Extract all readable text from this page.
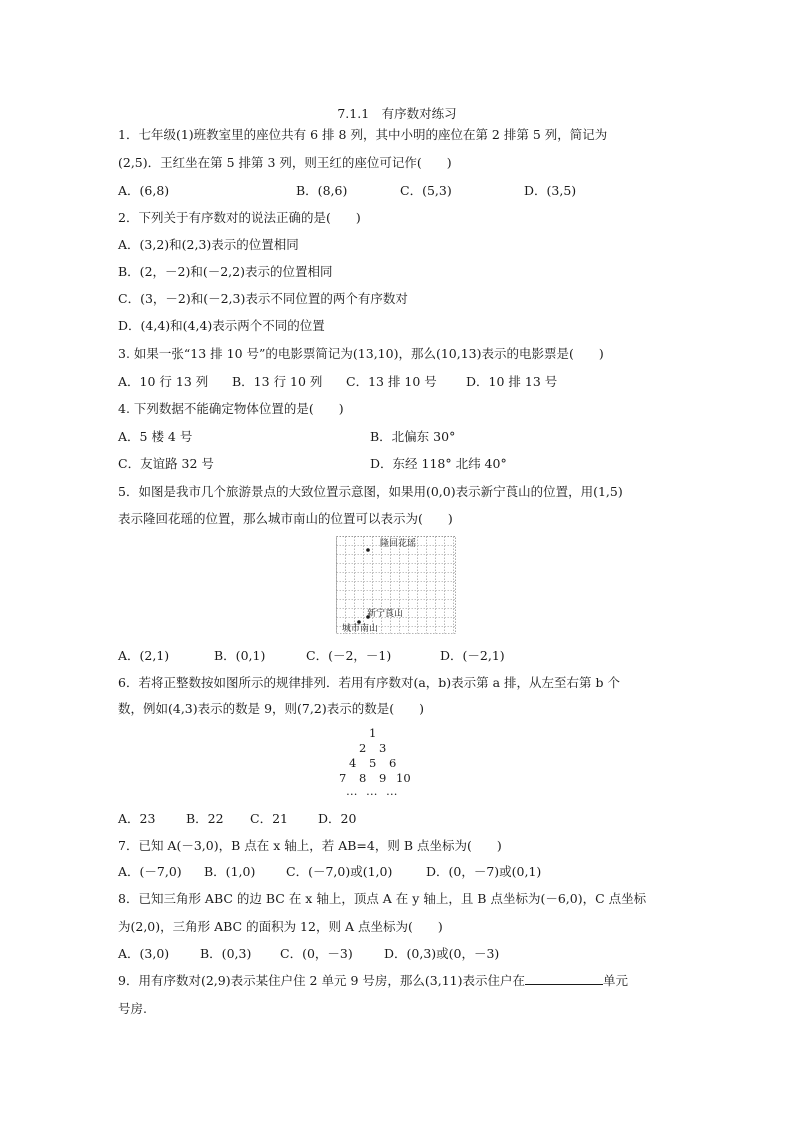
7.1.1　有序数对练习
1．七年级(1)班教室里的座位共有 6 排 8 列，其中小明的座位在第 2 排第 5 列，简记为
(2,5)．王红坐在第 5 排第 3 列，则王红的座位可记作(　　)
A．(6,8)	B．(8,6)	C．(5,3)	D．(3,5)
2．下列关于有序数对的说法正确的是(　　)
A．(3,2)和(2,3)表示的位置相同
B．(2，－2)和(－2,2)表示的位置相同
C．(3，－2)和(－2,3)表示不同位置的两个有序数对
D．(4,4)和(4,4)表示两个不同的位置
3. 如果一张“13 排 10 号”的电影票简记为(13,10)，那么(10,13)表示的电影票是(　　)
A．10 行 13 列 B．13 行 10 列 C．13 排 10 号 D．10 排 13 号
4. 下列数据不能确定物体位置的是(　　)
A．5 楼 4 号	B．北偏东 30°
C．友谊路 32 号	D．东经 118° 北纬 40°
5．如图是我市几个旅游景点的大致位置示意图，如果用(0,0)表示新宁莨山的位置，用(1,5)
表示隆回花瑶的位置，那么城市南山的位置可以表示为(　　)
隆回花瑶
新宁莨山
城市南山
A．(2,1)	B．(0,1)	C．(－2，－1)	D．(－2,1)
6．若将正整数按如图所示的规律排列．若用有序数对(a，b)表示第 a 排，从左至右第 b 个
数，例如(4,3)表示的数是 9，则(7,2)表示的数是(　　)
1
2 3
4 5 6
7 8 9 10
… … …
A．23 B．22 C．21 D．20
7．已知 A(－3,0)，B 点在 x 轴上，若 AB=4，则 B 点坐标为(　　)
A．(－7,0) B．(1,0) C．(－7,0)或(1,0)	D．(0，－7)或(0,1)
8．已知三角形 ABC 的边 BC 在 x 轴上，顶点 A 在 y 轴上，且 B 点坐标为(－6,0)，C 点坐标
为(2,0)，三角形 ABC 的面积为 12，则 A 点坐标为(　　)
A．(3,0) B．(0,3) C．(0，－3)	D．(0,3)或(0，－3)
9．用有序数对(2,9)表示某住户住 2 单元 9 号房，那么(3,11)表示住户在	单元
号房.
